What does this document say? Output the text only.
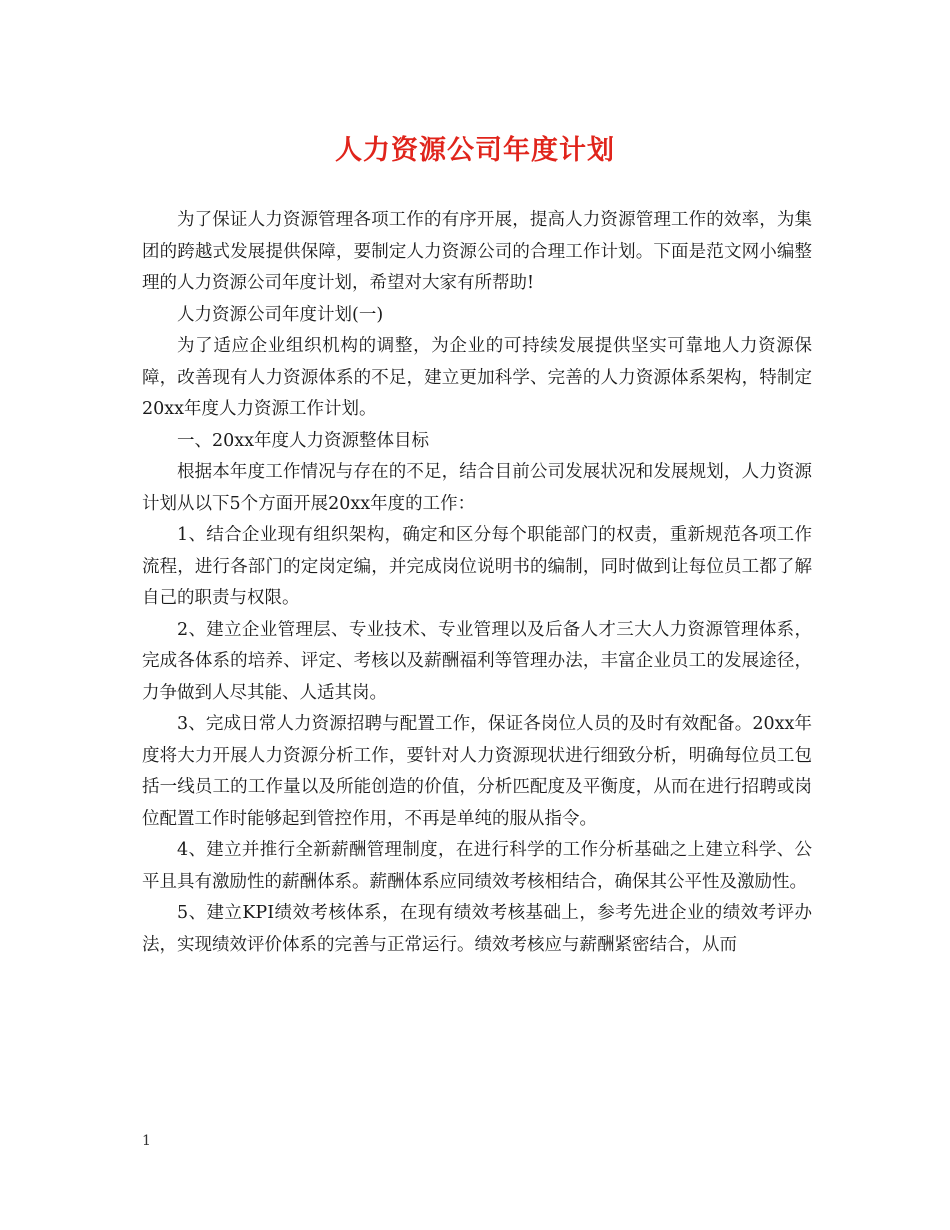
人力资源公司年度计划

为了保证人力资源管理各项工作的有序开展，提高人力资源管理工作的效率，为集团的跨越式发展提供保障，要制定人力资源公司的合理工作计划。下面是范文网小编整理的人力资源公司年度计划，希望对大家有所帮助!

人力资源公司年度计划(一)

为了适应企业组织机构的调整，为企业的可持续发展提供坚实可靠地人力资源保障，改善现有人力资源体系的不足，建立更加科学、完善的人力资源体系架构，特制定20xx年度人力资源工作计划。

一、20xx年度人力资源整体目标

根据本年度工作情况与存在的不足，结合目前公司发展状况和发展规划，人力资源计划从以下5个方面开展20xx年度的工作：

1、结合企业现有组织架构，确定和区分每个职能部门的权责，重新规范各项工作流程，进行各部门的定岗定编，并完成岗位说明书的编制，同时做到让每位员工都了解自己的职责与权限。

2、建立企业管理层、专业技术、专业管理以及后备人才三大人力资源管理体系，完成各体系的培养、评定、考核以及薪酬福利等管理办法，丰富企业员工的发展途径，力争做到人尽其能、人适其岗。

3、完成日常人力资源招聘与配置工作，保证各岗位人员的及时有效配备。20xx年度将大力开展人力资源分析工作，要针对人力资源现状进行细致分析，明确每位员工包括一线员工的工作量以及所能创造的价值，分析匹配度及平衡度，从而在进行招聘或岗位配置工作时能够起到管控作用，不再是单纯的服从指令。

4、建立并推行全新薪酬管理制度，在进行科学的工作分析基础之上建立科学、公平且具有激励性的薪酬体系。薪酬体系应同绩效考核相结合，确保其公平性及激励性。

5、建立KPI绩效考核体系，在现有绩效考核基础上，参考先进企业的绩效考评办法，实现绩效评价体系的完善与正常运行。绩效考核应与薪酬紧密结合，从而

1
